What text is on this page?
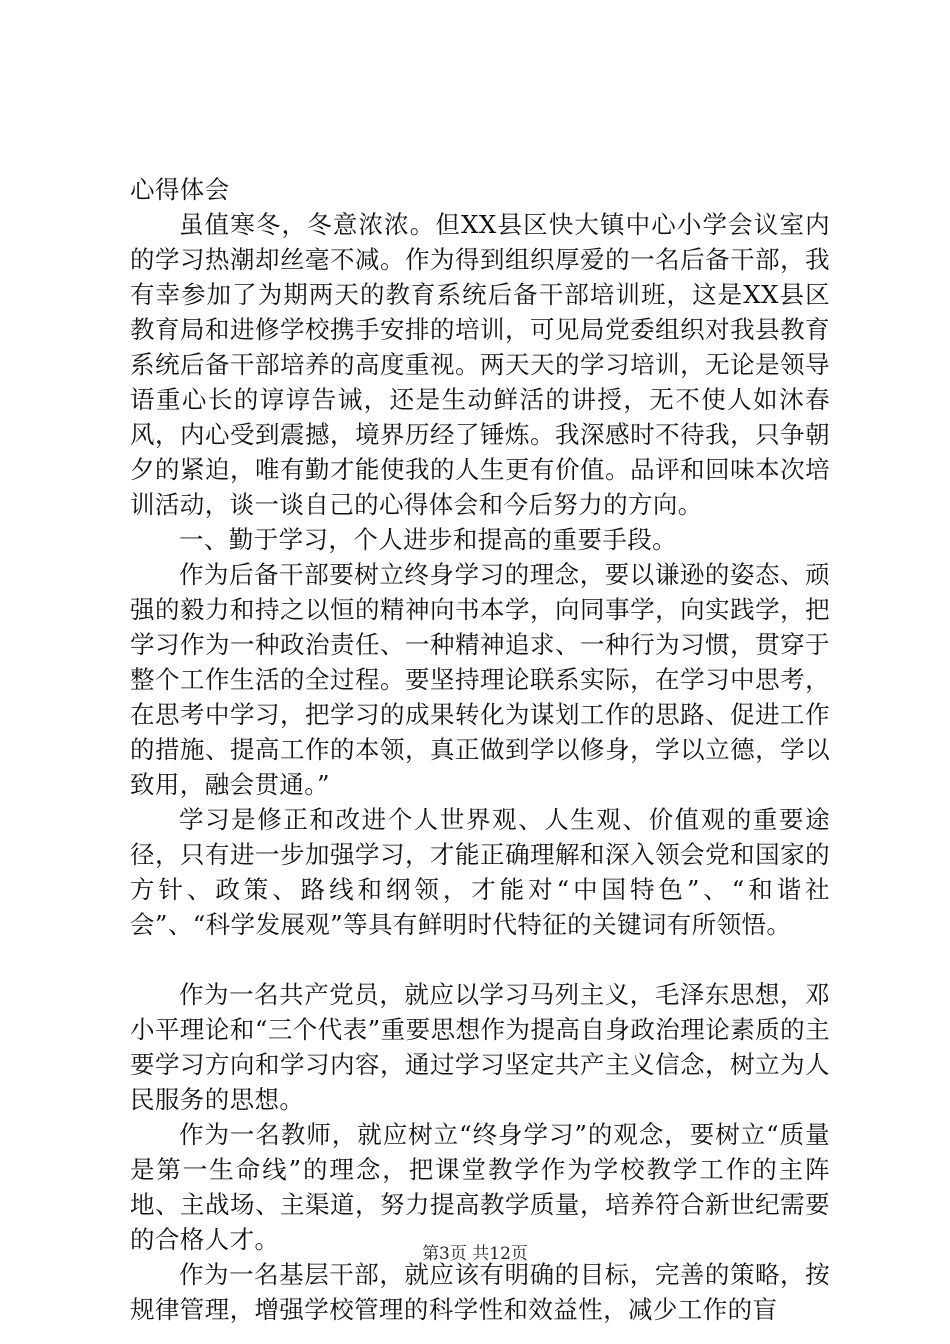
心得体会

虽值寒冬，冬意浓浓。但XX县区快大镇中心小学会议室内的学习热潮却丝毫不减。作为得到组织厚爱的一名后备干部，我有幸参加了为期两天的教育系统后备干部培训班，这是XX县区教育局和进修学校携手安排的培训，可见局党委组织对我县教育系统后备干部培养的高度重视。两天天的学习培训，无论是领导语重心长的谆谆告诫，还是生动鲜活的讲授，无不使人如沐春风，内心受到震撼，境界历经了锤炼。我深感时不待我，只争朝夕的紧迫，唯有勤才能使我的人生更有价值。品评和回味本次培训活动，谈一谈自己的心得体会和今后努力的方向。

一、勤于学习，个人进步和提高的重要手段。

作为后备干部要树立终身学习的理念，要以谦逊的姿态、顽强的毅力和持之以恒的精神向书本学，向同事学，向实践学，把学习作为一种政治责任、一种精神追求、一种行为习惯，贯穿于整个工作生活的全过程。要坚持理论联系实际，在学习中思考，在思考中学习，把学习的成果转化为谋划工作的思路、促进工作的措施、提高工作的本领，真正做到学以修身，学以立德，学以致用，融会贯通。”

学习是修正和改进个人世界观、人生观、价值观的重要途径，只有进一步加强学习，才能正确理解和深入领会党和国家的方针、政策、路线和纲领，才能对“中国特色”、“和谐社会”、“科学发展观”等具有鲜明时代特征的关键词有所领悟。

作为一名共产党员，就应以学习马列主义，毛泽东思想，邓小平理论和“三个代表”重要思想作为提高自身政治理论素质的主要学习方向和学习内容，通过学习坚定共产主义信念，树立为人民服务的思想。

作为一名教师，就应树立“终身学习”的观念，要树立“质量是第一生命线”的理念，把课堂教学作为学校教学工作的主阵地、主战场、主渠道，努力提高教学质量，培养符合新世纪需要的合格人才。

作为一名基层干部，就应该有明确的目标，完善的策略，按规律管理，增强学校管理的科学性和效益性，减少工作的盲

第3页 共12页
